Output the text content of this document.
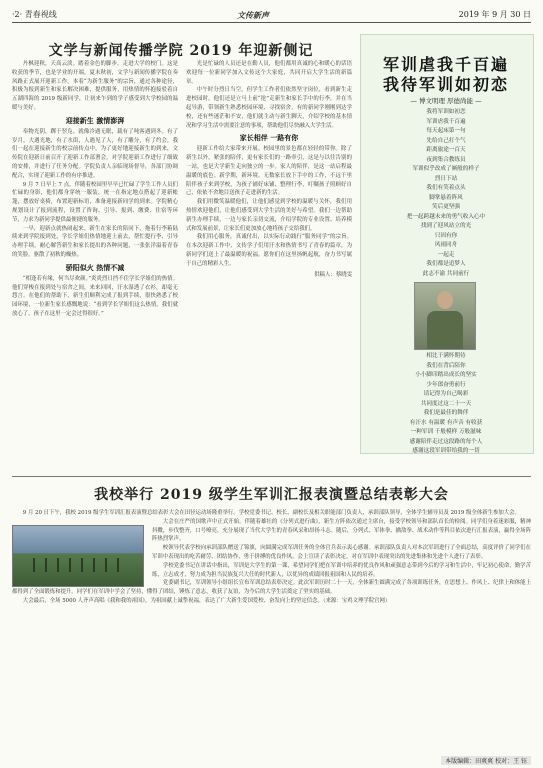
·2· 青春视线	文传新声	2019 年 9 月 30 日
文学与新闻传播学院 2019 年迎新侧记

丹枫迎秋，天高云淡。踏着金色的脚步，走进大学的校门。这是收获的季节，也是学业的开端。夏末秋初，文学与新闻传播学院在奏风路正式展开迎新工作，本着“为新生服务”的宗旨，通过各种途径，积极为报到新生和家长解决困难，提供服务，用热情的怀抱接驳着自五湖四海的 2019 级新同学，让初来乍到的学子感受到大学校园的温暖与美好。

迎接新生 激情澎湃

奉物光阴，踯于翌凫。就像冷遇无眠，载有了吨客遇到冬。有了岁月，大遇光地，有了水街，人遇见了人，有了雕分，有了约会，我们一起在迎接新生的校宗前传点中，为了更好地迎接新生的到来，文传院在迎新日前召开了迎新工作部署会，对学院迎新工作进行了细致的安排，并进行了任务分配。学院负责人亲临现场督导，各部门协调配合，实现了迎新工作的有序推进。

9 月 7 日早上 7 点，伴随着校园里早早已忙碌了学生工作人员们忙碌的身影，他们都身穿统一服装，统一在指定地点搭起了迎新帐篷，摆放好桌椅，布置迎新标语，准备迎接新同学的到来。学院精心规划设计了报到流程，设置了咨询、引导、报到、缴费、住宿等环节，力求为新同学提供最便捷的服务。

一早，迎新点就热闹起来。新生在家长的陪同下，拖着行李箱陆续来到学院报到处，学长学姐们热情地迎上前去，帮忙提行李、引导办理手续，耐心解答新生和家长提出的各种问题，一张张洋溢着青春的笑脸，驱散了初秋的燥热。

骄阳似火 热情不减

“相逢若有缘，何当尽欢颜。”炎炎烈日挡不住学长学姐们的热情。他们穿梭在报到处与宿舍之间，来来回回，汗水湿透了衣衫，却毫无怨言。在他们的帮助下，新生们顺利完成了报到手续，很快熟悉了校园环境，一位新生家长感慨地说：“看到学长学姐们这么热情，我们就放心了，孩子在这里一定会过得很好。”

光是忙碌的人员还是在勤人员，他们都用真诚的心和暖心的话语欢迎每一位新同学加入文传这个大家庭，共同开启大学生活的新篇章。

中午时分烈日当空，但学生工作者们依然坚守岗位，看到新生走进校园时，他们还是立马上前“抢”走新生和家长手中的行李，并在当起导游，带领新生熟悉校园环境、寻找宿舍。有的新同学刚刚到达学校，还有些迷茫和不安，他们就主动与新生聊天，介绍学校的基本情况和学习生活中需要注意的事项，帮助他们尽快融入大学生活。

家长相伴 一路有你

迎新工作给大家带来开展。校园里的景色都在轻轻的带你。除了新生以外，紧张的陪伴，更有家长们的一路牵引，这是与以往告别的一站，也是大学新生走向独立的一步。家人的陪伴，是这一站启程最温暖的底色。新学期，新环境。无数家长放下手中的工作，不远千里陪伴孩子来到学校，为孩子铺好床铺、整理行李，叮嘱孩子照顾好自己，依依不舍地目送孩子走进新的生活。

我们用微笑温暖他们，让他们感觉到学校的温暖与关怀，我们用热情欢迎他们，让他们感受到大学生活的美好与希望。我们一边帮助新生办理手续，一边与家长亲切交流，介绍学院的专业设置、培养模式和发展前景，让家长们更加放心地将孩子交给我们。

我们用心服务，真诚付出，以实际行动践行“服务同学”的宗旨。在本次迎新工作中，文传学子们用汗水和热情书写了青春的篇章，为新同学们送上了最温暖的祝福。愿你们在这里扬帆起航，奋力书写属于自己的精彩人生。

供稿人：蔡晓雯
军训虐我千百遍
我待军训如初恋
— 博文明理 厚德尚能 —
我将军训如初恋
军训虐我千百遍
每天起床第一句
先给自己打个气
距离旅途一百天
夜到集合教练员
军训似乎改成了厮般的样子
烈日下站
我们有笑着点头
脚掌悬着阵风
笑后更坚强
把一起跨越未来的勇气收入心中
找到了迎风站立的光
只因有你
风雨同舟
一起走
我们都是追梦人
此志不渝 共同前行
相比于满怀期待
我们在背后陪你
小小脚印踏出成长的坚实
少年郎奋勇前行
请记得为自己喝彩
共同度过这二十一天
我们是最佳的舞伴
有汗水 有温暖 有声音 有收获
一种军训 千般模样 万般滋味
感谢陪伴走过这段路的每个人
感谢这段军训带给我的一切
我校举行 2019 级学生军训汇报表演暨总结表彰大会

9 月 20 日下午，我校 2019 级学生军训汇报表演暨总结表彰大会在田径运动场隆重举行。学校党委书记、校长、副校长及相关职能部门负责人，承训部队领导，全体学生辅导员及 2019 级全体新生参加大会。

大会在庄严的国歌声中正式开始。伴随着雄壮的《分列式进行曲》，新生方阵依次通过主席台，接受学校领导和部队首长的检阅。同学们身着迷彩服，精神抖擞，步伐整齐，口号嘹亮，充分展现了当代大学生的青春风采和昂扬斗志。随后，分列式、军体拳、擒敌拳、战术动作等科目依次进行汇报表演，赢得全场阵阵热烈掌声。

校领导代表学校向承训部队赠送了锦旗，向圆满完成军训任务的全体官兵表示衷心感谢。承训部队负责人对本次军训进行了全面总结，高度评价了同学们在军训中表现出的吃苦耐劳、团结协作、勇于拼搏的优良作风。会上宣读了表彰决定，对在军训中表现突出的先进集体和先进个人进行了表彰。

学校党委书记在讲话中指出，军训是大学生的第一课，希望同学们把在军训中培养的优良作风和顽强意志带到今后的学习和生活中，牢记初心使命，勤学苦练，立志成才，努力成为担当民族复兴大任的时代新人，以优异的成绩回报祖国和人民的培养。

党委副书记，军训领导小组组长宣布军训总结表彰决定。此次军训历时二十一天，全体新生圆满完成了各项训练任务，在思想上、作风上、纪律上和体能上都得到了全面锻炼和提升。同学们在军训中学会了坚持，懂得了团结，锤炼了意志，收获了友谊，为今后的大学生活奠定了坚实的基础。

大会最后，全场 5000 人齐声高唱《我和我的祖国》，为祖国献上诚挚祝福，表达了广大新生爱国爱校、奋发向上的坚定信念。（来源：宝鸡文理学院官网）

本版编辑：田爽爽 校对：王 钰
